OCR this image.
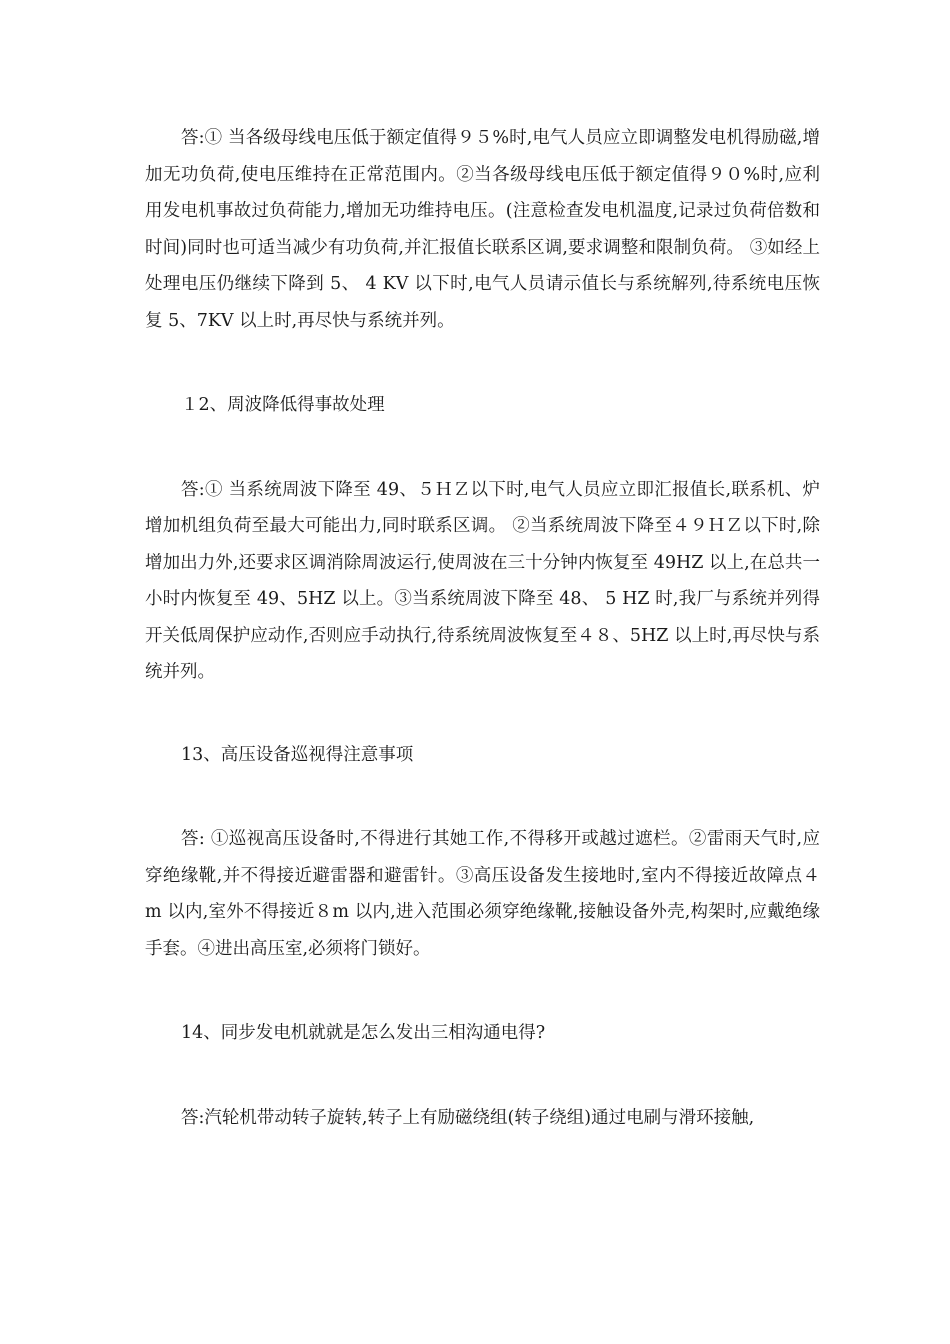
答:① 当各级母线电压低于额定值得９５%时,电气人员应立即调整发电机得励磁,增加无功负荷,使电压维持在正常范围内。②当各级母线电压低于额定值得９０%时,应利用发电机事故过负荷能力,增加无功维持电压。(注意检查发电机温度,记录过负荷倍数和时间)同时也可适当减少有功负荷,并汇报值长联系区调,要求调整和限制负荷。 ③如经上处理电压仍继续下降到 5、 4 KV 以下时,电气人员请示值长与系统解列,待系统电压恢复 5、7KV 以上时,再尽快与系统并列。

１2、周波降低得事故处理

答:① 当系统周波下降至 49、５ＨＺ以下时,电气人员应立即汇报值长,联系机、炉增加机组负荷至最大可能出力,同时联系区调。 ②当系统周波下降至４９ＨＺ以下时,除增加出力外,还要求区调消除周波运行,使周波在三十分钟内恢复至 49HZ 以上,在总共一小时内恢复至 49、5HZ 以上。③当系统周波下降至 48、 5 HZ 时,我厂与系统并列得开关低周保护应动作,否则应手动执行,待系统周波恢复至４８、5HZ 以上时,再尽快与系统并列。

13、高压设备巡视得注意事项

答: ①巡视高压设备时,不得进行其她工作,不得移开或越过遮栏。②雷雨天气时,应穿绝缘靴,并不得接近避雷器和避雷针。③高压设备发生接地时,室内不得接近故障点４m 以内,室外不得接近８m 以内,进入范围必须穿绝缘靴,接触设备外壳,构架时,应戴绝缘手套。④进出高压室,必须将门锁好。

14、同步发电机就就是怎么发出三相沟通电得?

答:汽轮机带动转子旋转,转子上有励磁绕组(转子绕组)通过电刷与滑环接触,
